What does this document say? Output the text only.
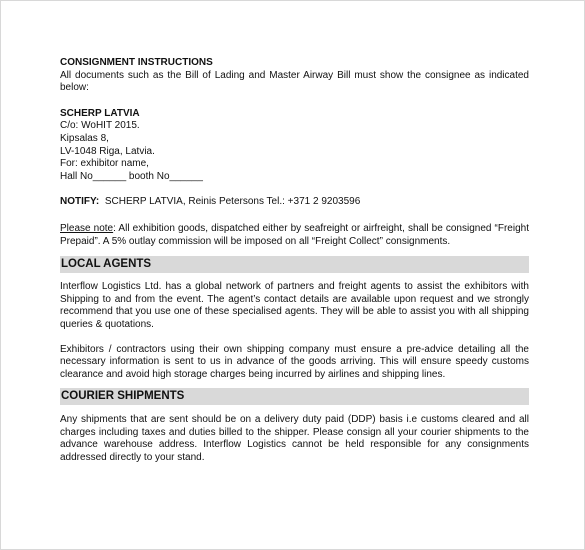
CONSIGNMENT INSTRUCTIONS

All documents such as the Bill of Lading and Master Airway Bill must show the consignee as indicated below:

SCHERP LATVIA

C/o: WoHIT 2015.

Kipsalas 8,

LV-1048 Riga, Latvia.

For: exhibitor name,

Hall No______ booth No______

NOTIFY: SCHERP LATVIA, Reinis Petersons Tel.: +371 2 9203596

Please note: All exhibition goods, dispatched either by seafreight or airfreight, shall be consigned “Freight Prepaid”. A 5% outlay commission will be imposed on all “Freight Collect” consignments.

LOCAL AGENTS

Interflow Logistics Ltd. has a global network of partners and freight agents to assist the exhibitors with Shipping to and from the event. The agent’s contact details are available upon request and we strongly recommend that you use one of these specialised agents. They will be able to assist you with all shipping queries & quotations.

Exhibitors / contractors using their own shipping company must ensure a pre-advice detailing all the necessary information is sent to us in advance of the goods arriving. This will ensure speedy customs clearance and avoid high storage charges being incurred by airlines and shipping lines.

COURIER SHIPMENTS

Any shipments that are sent should be on a delivery duty paid (DDP) basis i.e customs cleared and all charges including taxes and duties billed to the shipper. Please consign all your courier shipments to the advance warehouse address. Interflow Logistics cannot be held responsible for any consignments addressed directly to your stand.
